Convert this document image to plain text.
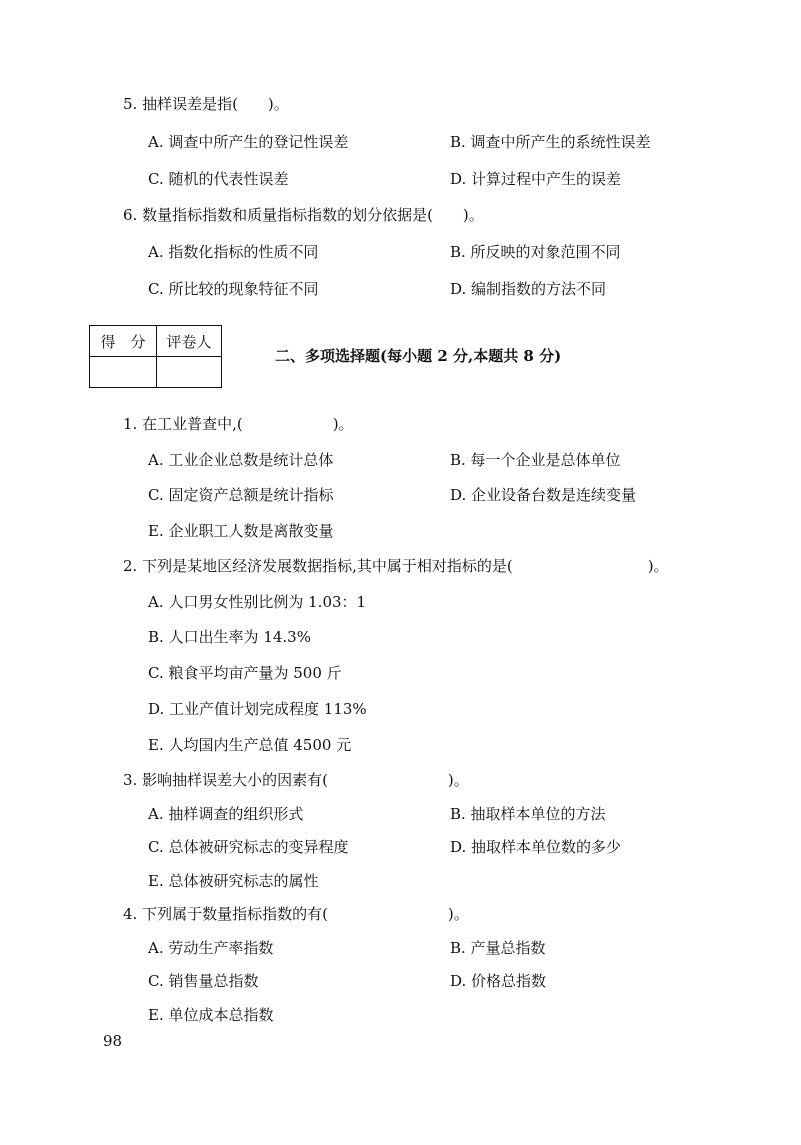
5. 抽样误差是指(　　)。
A. 调查中所产生的登记性误差	B. 调查中所产生的系统性误差
C. 随机的代表性误差	D. 计算过程中产生的误差
6. 数量指标指数和质量指标指数的划分依据是(　　)。
A. 指数化指标的性质不同	B. 所反映的对象范围不同
C. 所比较的现象特征不同	D. 编制指数的方法不同
得　分	评卷人

二、多项选择题(每小题 2 分,本题共 8 分)
1. 在工业普查中,(　　　　　　)。
A. 工业企业总数是统计总体	B. 每一个企业是总体单位
C. 固定资产总额是统计指标	D. 企业设备台数是连续变量
E. 企业职工人数是离散变量
2. 下列是某地区经济发展数据指标,其中属于相对指标的是(　　　　　　　　　)。
A. 人口男女性别比例为 1.03：1
B. 人口出生率为 14.3%
C. 粮食平均亩产量为 500 斤
D. 工业产值计划完成程度 113%
E. 人均国内生产总值 4500 元
3. 影响抽样误差大小的因素有(　　　　　　　　)。
A. 抽样调查的组织形式	B. 抽取样本单位的方法
C. 总体被研究标志的变异程度	D. 抽取样本单位数的多少
E. 总体被研究标志的属性
4. 下列属于数量指标指数的有(　　　　　　　　)。
A. 劳动生产率指数	B. 产量总指数
C. 销售量总指数	D. 价格总指数
E. 单位成本总指数
98
